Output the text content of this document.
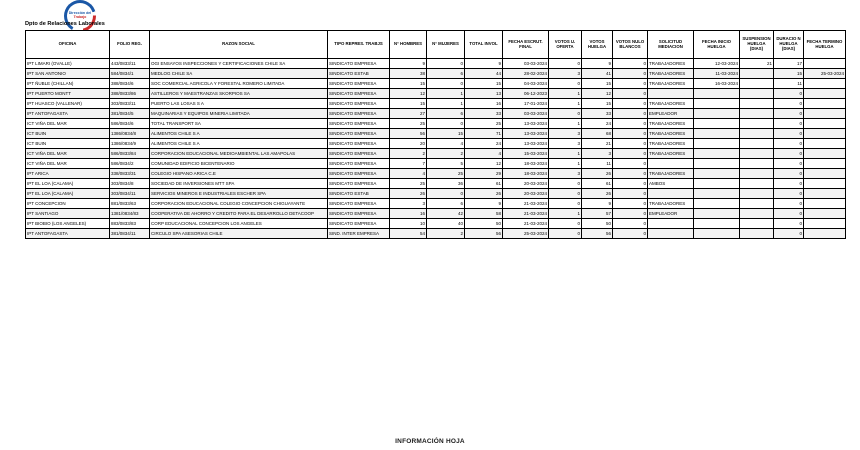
Dirección del
Trabajo
Dpto de Relaciones Laborales
OFICINA	FOLIO REG.	RAZON SOCIAL	TIPO REPRES. TRABJS	N° HOMBRES	N° MUJERES	TOTAL INVOL	FECHA ESCRUT. FINAL	VOTOS U. OFERTA	VOTOS HUELGA	VOTOS NULO BLANCOS	SOLICITUD MEDIACION	FECHA INICIO HUELGA	SUSPENSION HUELGA (DIAS)	DURACIO N HUELGA (DIAS)	FECHA TERMINO HUELGA
IPT LIMARI (OVALLE)	443/0833/11	OGI ENSAYOS INSPECCIONES Y CERTIFICACIONES CHILE SA	SINDICATO EMPRESA	9	0	9	03-03-2024	0	9	0	TRABAJADORES	12-03-2024	21	17	
IPT SAN ANTONIO	584/0834/1	MEDLOG CHILE SA	SINDICATO ESTAB	38	6	44	28-02-2024	3	41	0	TRABAJADORES	11-03-2024		15	25-03-2024
IPT ÑUBLE (CHILLAN)	388/0834/6	SOC COMERCIAL AGRICOLA Y FORESTAL ROMERO LIMITADA	SINDICATO EMPRESA	15	0	15	04-03-2024	0	15	0	TRABAJADORES	16-03-2024		11	
IPT PUERTO MONTT	388/0833/86	ASTILLEROS Y MAESTRANZAS SKORPIOS SA	SINDICATO EMPRESA	12	1	13	06-12-2023	1	12	0				0	
IPT HUASCO (VALLENAR)	303/0833/11	PUERTO LAS LOSAS S A	SINDICATO EMPRESA	15	1	16	17-01-2024	1	15	0	TRABAJADORES			0	
IPT ANTOFAGASTA	381/0834/5	MAQUINARIAS Y EQUIPOS MINERIA LIMITADA	SINDICATO EMPRESA	27	6	33	03-03-2024	0	33	0	EMPLEADOR			0	
ICT VIÑA DEL MAR	586/0834/6	TOTAL TRANSPORT SA	SINDICATO EMPRESA	25	0	25	13-03-2024	1	24	0	TRABAJADORES			0	
ICT BUIN	1386/0834/8	ALIMENTOS CHILE S A	SINDICATO EMPRESA	56	15	71	13-03-2024	3	68	0	TRABAJADORES			0	
ICT BUIN	1386/0834/9	ALIMENTOS CHILE S A	SINDICATO EMPRESA	20	4	24	13-03-2024	3	21	0	TRABAJADORES			0	
ICT VIÑA DEL MAR	586/0833/84	CORPORACION EDUCACIONAL MEDIOAMBIENTAL LAS AMAPOLAS	SINDICATO EMPRESA	2	2	4	15-03-2024	1	3	0	TRABAJADORES			0	
ICT VIÑA DEL MAR	586/0834/2	COMUNIDAD EDIFICIO BICENTENARIO	SINDICATO EMPRESA	7	5	12	18-03-2024	1	11	0				0	
IPT ARICA	338/0833/31	COLEGIO HISPANO ARICA C.E	SINDICATO EMPRESA	4	25	29	18-03-2024	3	26	0	TRABAJADORES			0	
IPT EL LOA (CALAMA)	303/0834/8	SOCIEDAD DE INVERSIONES MTT SPA	SINDICATO EMPRESA	25	36	61	20-03-2024	0	61	0	AMBOS			0	
IPT EL LOA (CALAMA)	303/0834/11	SERVICIOS MINEROS E INDUSTRIALES ESCHER SPA	SINDICATO ESTAB	26	0	26	20-03-2024	0	26	0				0	
IPT CONCEPCION	881/0833/63	CORPORACION EDUCACIONAL COLEGIO CONCEPCION CHIGUAYANTE	SINDICATO EMPRESA	3	6	9	21-03-2024	0	9	0	TRABAJADORES			0	
IPT SANTIAGO	1381/0834/83	COOPERATIVA DE AHORRO Y CREDITO PARA EL DESARROLLO DETACOOP	SINDICATO EMPRESA	16	42	58	21-03-2024	1	57	0	EMPLEADOR			0	
IPT BIOBIO (LOS ANGELES)	883/0833/83	CORP EDUCACIONAL CONCEPCION LOS ANGELES	SINDICATO EMPRESA	10	40	50	21-03-2024	0	50	0				0	
IPT ANTOFAGASTA	381/0834/11	CIRCULO SPA ASESORIAS CHILE	SIND. INTER EMPRESA	54	2	56	25-03-2024	0	56	0				0	
INFORMACIÓN HOJA
